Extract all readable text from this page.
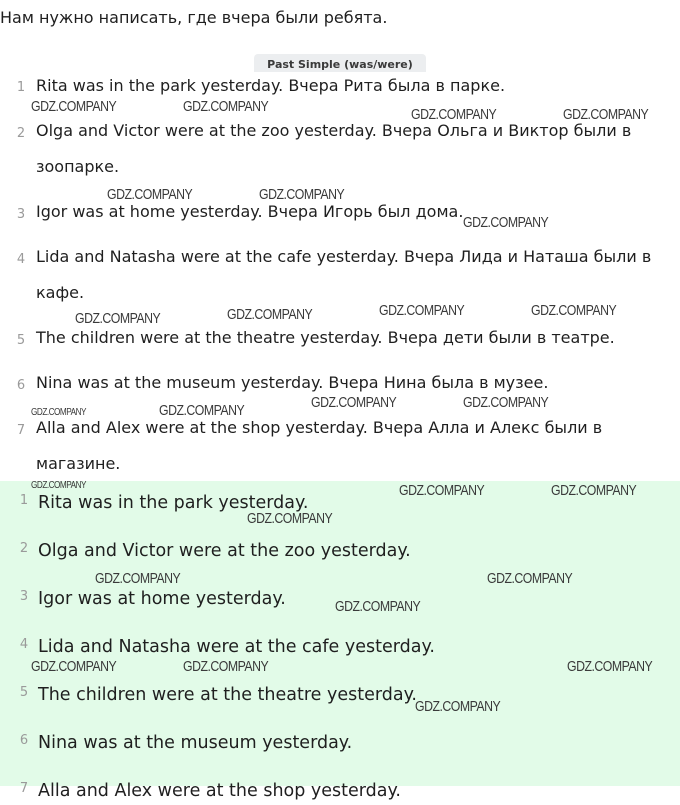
Нам нужно написать, где вчера были ребята.
Past Simple (was/were)
1 Rita was in the park yesterday. Вчера Рита была в парке.
2 Olga and Victor were at the zoo yesterday. Вчера Ольга и Виктор были в зоопарке.
3 Igor was at home yesterday. Вчера Игорь был дома.
4 Lida and Natasha were at the cafe yesterday. Вчера Лида и Наташа были в кафе.
5 The children were at the theatre yesterday. Вчера дети были в театре.
6 Nina was at the museum yesterday. Вчера Нина была в музее.
7 Alla and Alex were at the shop yesterday. Вчера Алла и Алекс были в магазине.
1 Rita was in the park yesterday.
2 Olga and Victor were at the zoo yesterday.
3 Igor was at home yesterday.
4 Lida and Natasha were at the cafe yesterday.
5 The children were at the theatre yesterday.
6 Nina was at the museum yesterday.
7 Alla and Alex were at the shop yesterday.
GDZ.COMPANY	GDZ.COMPANY	GDZ.COMPANY	GDZ.COMPANY
GDZ.COMPANY	GDZ.COMPANY
GDZ.COMPANY
GDZ.COMPANY	GDZ.COMPANY	GDZ.COMPANY	GDZ.COMPANY
GDZ.COMPANY	GDZ.COMPANY	GDZ.COMPANY	GDZ.COMPANY
GDZ.COMPANY	GDZ.COMPANY	GDZ.COMPANY
GDZ.COMPANY
GDZ.COMPANY	GDZ.COMPANY
GDZ.COMPANY
GDZ.COMPANY	GDZ.COMPANY	GDZ.COMPANY
GDZ.COMPANY
